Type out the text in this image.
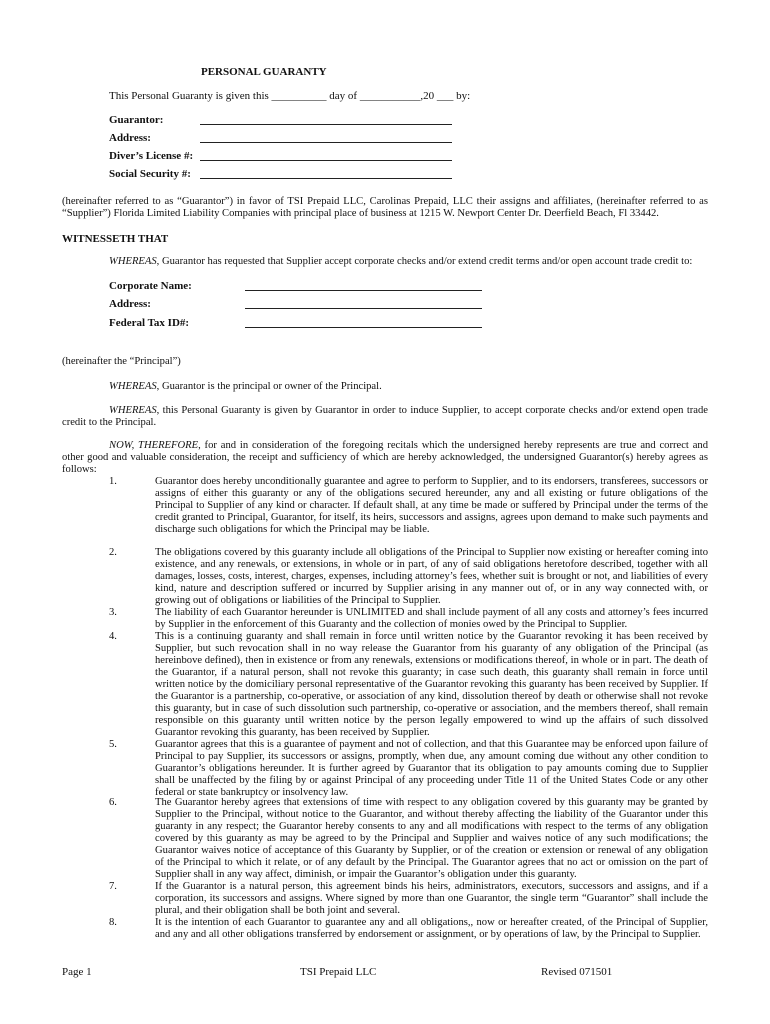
PERSONAL GUARANTY
This Personal Guaranty is given this __________ day of ___________,20 ___ by:
Guarantor:
Address:
Diver’s License #:
Social Security #:
(hereinafter referred to as “Guarantor”) in favor of TSI Prepaid LLC, Carolinas Prepaid, LLC their assigns and affiliates, (hereinafter referred to as “Supplier”) Florida Limited Liability Companies with principal place of business at 1215 W. Newport Center Dr. Deerfield Beach, Fl 33442.
WITNESSETH THAT
WHEREAS, Guarantor has requested that Supplier accept corporate checks and/or extend credit terms and/or open account trade credit to:
Corporate Name:
Address:
Federal Tax ID#:
(hereinafter the “Principal”)
WHEREAS, Guarantor is the principal or owner of the Principal.
WHEREAS, this Personal Guaranty is given by Guarantor in order to induce Supplier, to accept corporate checks and/or extend open trade credit to the Principal.
NOW, THEREFORE, for and in consideration of the foregoing recitals which the undersigned hereby represents are true and correct and other good and valuable consideration, the receipt and sufficiency of which are hereby acknowledged, the undersigned Guarantor(s) hereby agrees as follows:
1.	Guarantor does hereby unconditionally guarantee and agree to perform to Supplier, and to its endorsers, transferees, successors or assigns of either this guaranty or any of the obligations secured hereunder, any and all existing or future obligations of the Principal to Supplier of any kind or character. If default shall, at any time be made or suffered by Principal under the terms of the credit granted to Principal, Guarantor, for itself, its heirs, successors and assigns, agrees upon demand to make such payments and discharge such obligations for which the Principal may be liable.
2.	The obligations covered by this guaranty include all obligations of the Principal to Supplier now existing or hereafter coming into existence, and any renewals, or extensions, in whole or in part, of any of said obligations heretofore described, together with all damages, losses, costs, interest, charges, expenses, including attorney’s fees, whether suit is brought or not, and liabilities of every kind, nature and description suffered or incurred by Supplier arising in any manner out of, or in any way connected with, or growing out of obligations or liabilities of the Principal to Supplier.
3.	The liability of each Guarantor hereunder is UNLIMITED and shall include payment of all any costs and attorney’s fees incurred by Supplier in the enforcement of this Guaranty and the collection of monies owed by the Principal to Supplier.
4.	This is a continuing guaranty and shall remain in force until written notice by the Guarantor revoking it has been received by Supplier, but such revocation shall in no way release the Guarantor from his guaranty of any obligation of the Principal (as hereinbove defined), then in existence or from any renewals, extensions or modifications thereof, in whole or in part. The death of the Guarantor, if a natural person, shall not revoke this guaranty; in case such death, this guaranty shall remain in force until written notice by the domiciliary personal representative of the Guarantor revoking this guaranty has been received by Supplier. If the Guarantor is a partnership, co-operative, or association of any kind, dissolution thereof by death or otherwise shall not revoke this guaranty, but in case of such dissolution such partnership, co-operative or association, and the members thereof, shall remain responsible on this guaranty until written notice by the person legally empowered to wind up the affairs of such dissolved Guarantor revoking this guaranty, has been received by Supplier.
5.	Guarantor agrees that this is a guarantee of payment and not of collection, and that this Guarantee may be enforced upon failure of Principal to pay Supplier, its successors or assigns, promptly, when due, any amount coming due without any other condition to Guarantor’s obligations hereunder. It is further agreed by Guarantor that its obligation to pay amounts coming due to Supplier shall be unaffected by the filing by or against Principal of any proceeding under Title 11 of the United States Code or any other federal or state bankruptcy or insolvency law.
6.	The Guarantor hereby agrees that extensions of time with respect to any obligation covered by this guaranty may be granted by Supplier to the Principal, without notice to the Guarantor, and without thereby affecting the liability of the Guarantor under this guaranty in any respect; the Guarantor hereby consents to any and all modifications with respect to the terms of any obligation covered by this guaranty as may be agreed to by the Principal and Supplier and waives notice of any such modifications; the Guarantor waives notice of acceptance of this Guaranty by Supplier, or of the creation or extension or renewal of any obligation of the Principal to which it relate, or of any default by the Principal. The Guarantor agrees that no act or omission on the part of Supplier shall in any way affect, diminish, or impair the Guarantor’s obligation under this guaranty.
7.	If the Guarantor is a natural person, this agreement binds his heirs, administrators, executors, successors and assigns, and if a corporation, its successors and assigns. Where signed by more than one Guarantor, the single term “Guarantor” shall include the plural, and their obligation shall be both joint and several.
8.	It is the intention of each Guarantor to guarantee any and all obligations,, now or hereafter created, of the Principal of Supplier, and any and all other obligations transferred by endorsement or assignment, or by operations of law, by the Principal to Supplier.
Page 1	TSI Prepaid LLC	Revised 071501
